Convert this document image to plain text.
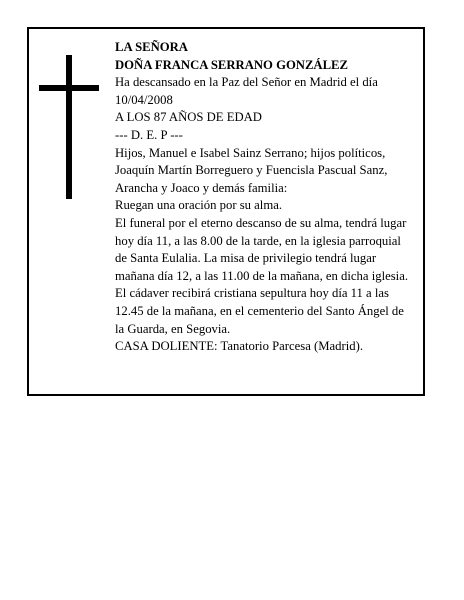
LA SEÑORA

DOÑA FRANCA SERRANO GONZÁLEZ

Ha descansado en la Paz del Señor en Madrid el día 10/04/2008

A LOS 87 AÑOS DE EDAD

--- D. E. P ---

Hijos, Manuel e Isabel Sainz Serrano; hijos políticos, Joaquín Martín Borreguero y Fuencisla Pascual Sanz, Arancha y Joaco y demás familia:

Ruegan una oración por su alma.

El funeral por el eterno descanso de su alma, tendrá lugar hoy día 11, a las 8.00 de la tarde, en la iglesia parroquial de Santa Eulalia. La misa de privilegio tendrá lugar mañana día 12, a las 11.00 de la mañana, en dicha iglesia. El cádaver recibirá cristiana sepultura hoy día 11 a las 12.45 de la mañana, en el cementerio del Santo Ángel de la Guarda, en Segovia.

CASA DOLIENTE: Tanatorio Parcesa (Madrid).
